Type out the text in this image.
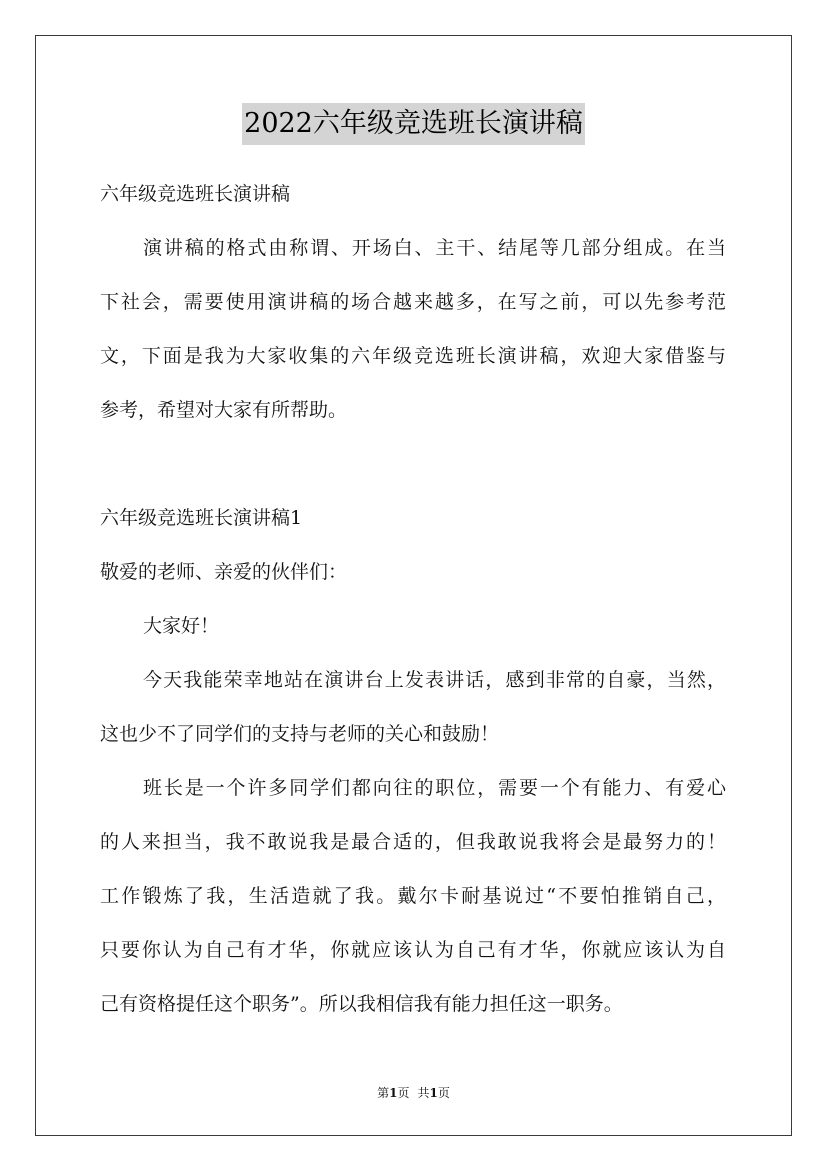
2022六年级竞选班长演讲稿
六年级竞选班长演讲稿
演讲稿的格式由称谓、开场白、主干、结尾等几部分组成。在当
下社会，需要使用演讲稿的场合越来越多，在写之前，可以先参考范
文，下面是我为大家收集的六年级竞选班长演讲稿，欢迎大家借鉴与
参考，希望对大家有所帮助。
六年级竞选班长演讲稿1
敬爱的老师、亲爱的伙伴们：
大家好！
今天我能荣幸地站在演讲台上发表讲话，感到非常的自豪，当然，
这也少不了同学们的支持与老师的关心和鼓励！
班长是一个许多同学们都向往的职位，需要一个有能力、有爱心
的人来担当，我不敢说我是最合适的，但我敢说我将会是最努力的！
工作锻炼了我，生活造就了我。戴尔卡耐基说过“不要怕推销自己，
只要你认为自己有才华，你就应该认为自己有才华，你就应该认为自
己有资格提任这个职务”。所以我相信我有能力担任这一职务。
第1页 共1页
